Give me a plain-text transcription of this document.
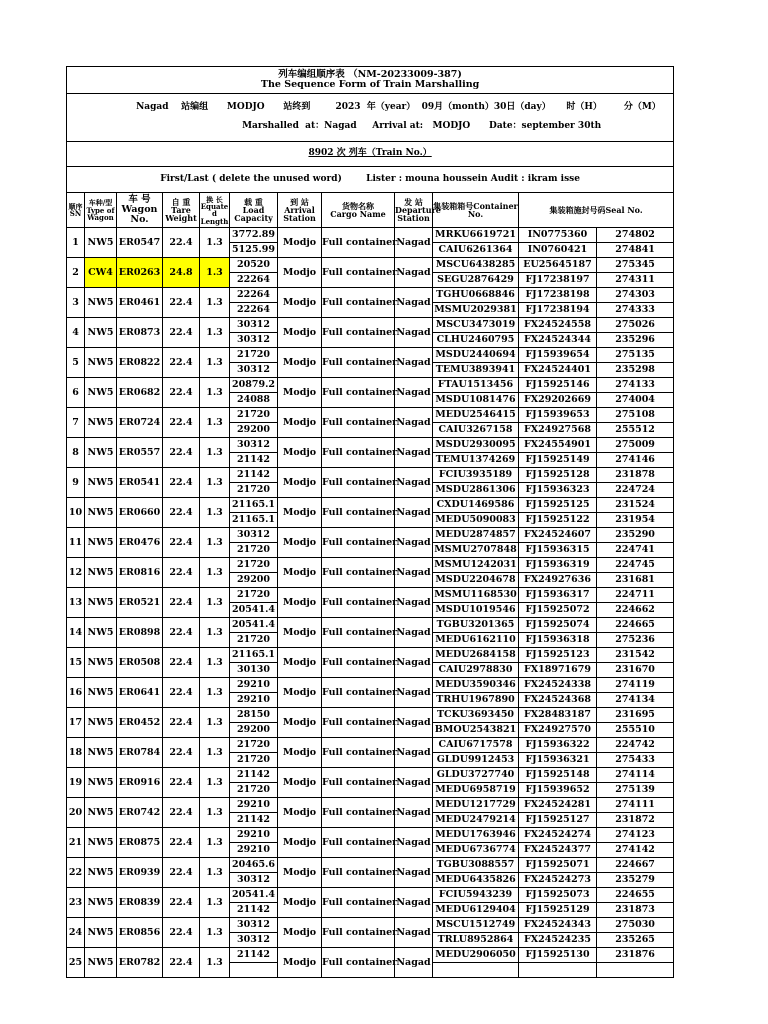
列车编组顺序表 （NM-20233009-387)
The Sequence Form of Train Marshalling											

Nagad    站编组      MODJO      站终到        2023  年（year）  09月（month）30日（day）     时（H）       分（M）

Marshalled  at：Nagad     Arrival at:   MODJO      Date：september 30th											

8902 次 列车（Train No.）											
First/Last ( delete the unused word) Lister : mouna houssein Audit : ikram isse											
顺序
SN	车种/型
Type of
Wagon	车 号
Wagon
No.	自 重
Tare
Weight	换 长
Equate
d
Length	载 重
Load
Capacity	到 站
Arrival
Station	货物名称
Cargo Name	发 站
Departure
Station	集装箱箱号Container
No.	集装箱施封号码Seal No.	
1	NW5	ER0547	22.4	1.3	3772.89	Modjo	Full container	Nagad	MRKU6619721	IN0775360	274802
					5125.99				CAIU6261364	IN0760421	274841
2	CW4	ER0263	24.8	1.3	20520	Modjo	Full container	Nagad	MSCU6438285	EU25645187	275345
					22264				SEGU2876429	FJ17238197	274311
3	NW5	ER0461	22.4	1.3	22264	Modjo	Full container	Nagad	TGHU0668846	FJ17238198	274303
					22264				MSMU2029381	FJ17238194	274333
4	NW5	ER0873	22.4	1.3	30312	Modjo	Full container	Nagad	MSCU3473019	FX24524558	275026
					30312				CLHU2460795	FX24524344	235296
5	NW5	ER0822	22.4	1.3	21720	Modjo	Full container	Nagad	MSDU2440694	FJ15939654	275135
					30312				TEMU3893941	FX24524401	235298
6	NW5	ER0682	22.4	1.3	20879.2	Modjo	Full container	Nagad	FTAU1513456	FJ15925146	274133
					24088				MSDU1081476	FX29202669	274004
7	NW5	ER0724	22.4	1.3	21720	Modjo	Full container	Nagad	MEDU2546415	FJ15939653	275108
					29200				CAIU3267158	FX24927568	255512
8	NW5	ER0557	22.4	1.3	30312	Modjo	Full container	Nagad	MSDU2930095	FX24554901	275009
					21142				TEMU1374269	FJ15925149	274146
9	NW5	ER0541	22.4	1.3	21142	Modjo	Full container	Nagad	FCIU3935189	FJ15925128	231878
					21720				MSDU2861306	FJ15936323	224724
10	NW5	ER0660	22.4	1.3	21165.1	Modjo	Full container	Nagad	CXDU1469586	FJ15925125	231524
					21165.1				MEDU5090083	FJ15925122	231954
11	NW5	ER0476	22.4	1.3	30312	Modjo	Full container	Nagad	MEDU2874857	FX24524607	235290
					21720				MSMU2707848	FJ15936315	224741
12	NW5	ER0816	22.4	1.3	21720	Modjo	Full container	Nagad	MSMU1242031	FJ15936319	224745
					29200				MSDU2204678	FX24927636	231681
13	NW5	ER0521	22.4	1.3	21720	Modjo	Full container	Nagad	MSMU1168530	FJ15936317	224711
					20541.4				MSDU1019546	FJ15925072	224662
14	NW5	ER0898	22.4	1.3	20541.4	Modjo	Full container	Nagad	TGBU3201365	FJ15925074	224665
					21720				MEDU6162110	FJ15936318	275236
15	NW5	ER0508	22.4	1.3	21165.1	Modjo	Full container	Nagad	MEDU2684158	FJ15925123	231542
					30130				CAIU2978830	FX18971679	231670
16	NW5	ER0641	22.4	1.3	29210	Modjo	Full container	Nagad	MEDU3590346	FX24524338	274119
					29210				TRHU1967890	FX24524368	274134
17	NW5	ER0452	22.4	1.3	28150	Modjo	Full container	Nagad	TCKU3693450	FX28483187	231695
					29200				BMOU2543821	FX24927570	255510
18	NW5	ER0784	22.4	1.3	21720	Modjo	Full container	Nagad	CAIU6717578	FJ15936322	224742
					21720				GLDU9912453	FJ15936321	275433
19	NW5	ER0916	22.4	1.3	21142	Modjo	Full container	Nagad	GLDU3727740	FJ15925148	274114
					21720				MEDU6958719	FJ15939652	275139
20	NW5	ER0742	22.4	1.3	29210	Modjo	Full container	Nagad	MEDU1217729	FX24524281	274111
					21142				MEDU2479214	FJ15925127	231872
21	NW5	ER0875	22.4	1.3	29210	Modjo	Full container	Nagad	MEDU1763946	FX24524274	274123
					29210				MEDU6736774	FX24524377	274142
22	NW5	ER0939	22.4	1.3	20465.6	Modjo	Full container	Nagad	TGBU3088557	FJ15925071	224667
					30312				MEDU6435826	FX24524273	235279
23	NW5	ER0839	22.4	1.3	20541.4	Modjo	Full container	Nagad	FCIU5943239	FJ15925073	224655
					21142				MEDU6129404	FJ15925129	231873
24	NW5	ER0856	22.4	1.3	30312	Modjo	Full container	Nagad	MSCU1512749	FX24524343	275030
					30312				TRLU8952864	FX24524235	235265
25	NW5	ER0782	22.4	1.3	21142	Modjo	Full container	Nagad	MEDU2906050	FJ15925130	231876
